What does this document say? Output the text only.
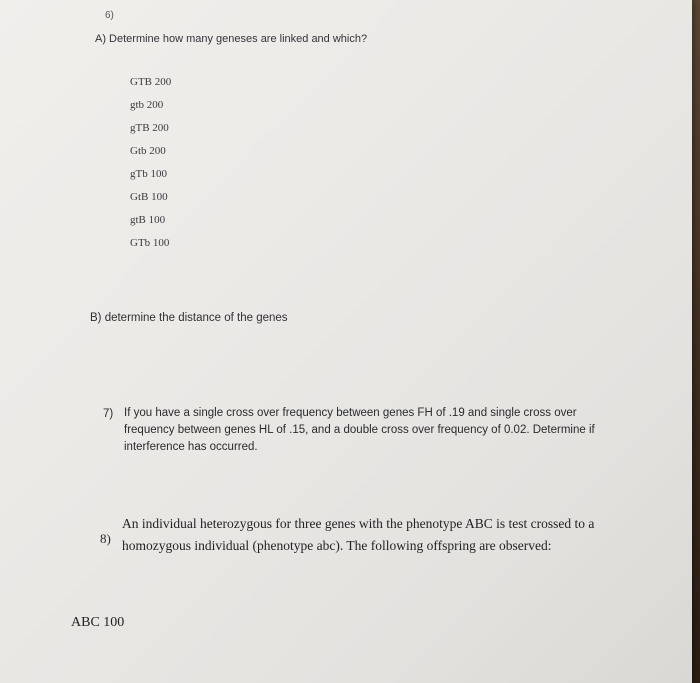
6)
A) Determine how many geneses are linked and which?
GTB 200
gtb 200
gTB 200
Gtb 200
gTb 100
GtB 100
gtB 100
GTb 100
B) determine the distance of the genes
7) If you have a single cross over frequency between genes FH of .19 and single cross over
frequency between genes HL of .15, and a double cross over frequency of 0.02. Determine if
interference has occurred.
8)
An individual heterozygous for three genes with the phenotype ABC is test crossed to a
homozygous individual (phenotype abc). The following offspring are observed:
ABC 100
